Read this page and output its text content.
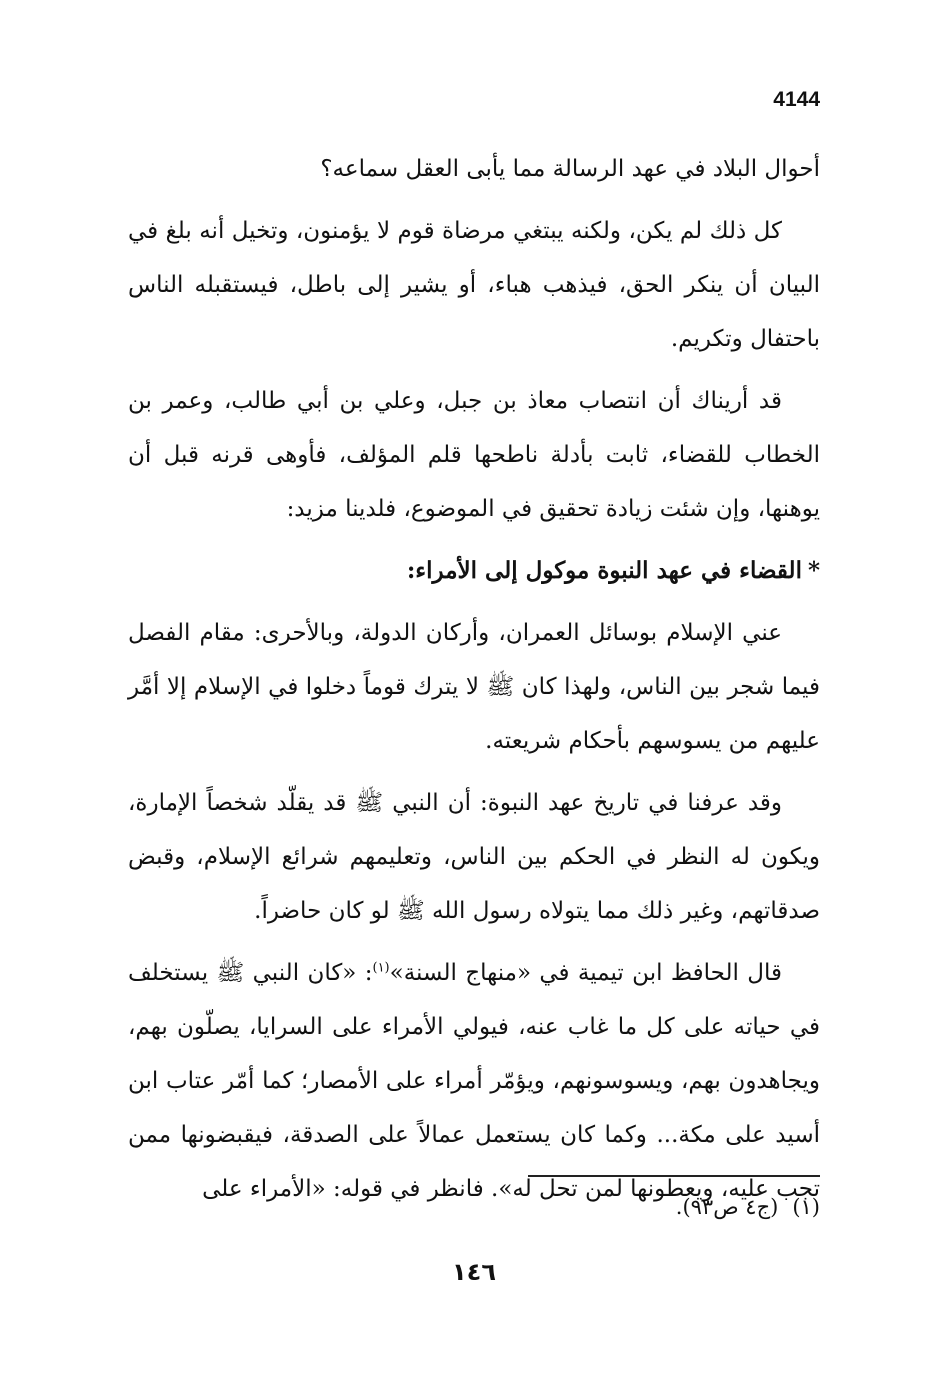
4144

أحوال البلاد في عهد الرسالة مما يأبى العقل سماعه؟

كل ذلك لم يكن، ولكنه يبتغي مرضاة قوم لا يؤمنون، وتخيل أنه بلغ في البيان أن ينكر الحق، فيذهب هباء، أو يشير إلى باطل، فيستقبله الناس باحتفال وتكريم.

قد أريناك أن انتصاب معاذ بن جبل، وعلي بن أبي طالب، وعمر بن الخطاب للقضاء، ثابت بأدلة ناطحها قلم المؤلف، فأوهى قرنه قبل أن يوهنها، وإن شئت زيادة تحقيق في الموضوع، فلدينا مزيد:

*القضاء في عهد النبوة موكول إلى الأمراء:

عني الإسلام بوسائل العمران، وأركان الدولة، وبالأحرى: مقام الفصل فيما شجر بين الناس، ولهذا كان ﷺ لا يترك قوماً دخلوا في الإسلام إلا أمَّر عليهم من يسوسهم بأحكام شريعته.

وقد عرفنا في تاريخ عهد النبوة: أن النبي ﷺ قد يقلّد شخصاً الإمارة، ويكون له النظر في الحكم بين الناس، وتعليمهم شرائع الإسلام، وقبض صدقاتهم، وغير ذلك مما يتولاه رسول الله ﷺ لو كان حاضراً.

قال الحافظ ابن تيمية في «منهاج السنة»$^{(١)}$: «كان النبي ﷺ يستخلف في حياته على كل ما غاب عنه، فيولي الأمراء على السرايا، يصلّون بهم، ويجاهدون بهم، ويسوسونهم، ويؤمّر أمراء على الأمصار؛ كما أمّر عتاب ابن أسيد على مكة... وكما كان يستعمل عمالاً على الصدقة، فيقبضونها ممن تجب عليه، ويعطونها لمن تحل له». فانظر في قوله: «الأمراء على

(١)(ج٤ ص٩٣).
١٤٦
